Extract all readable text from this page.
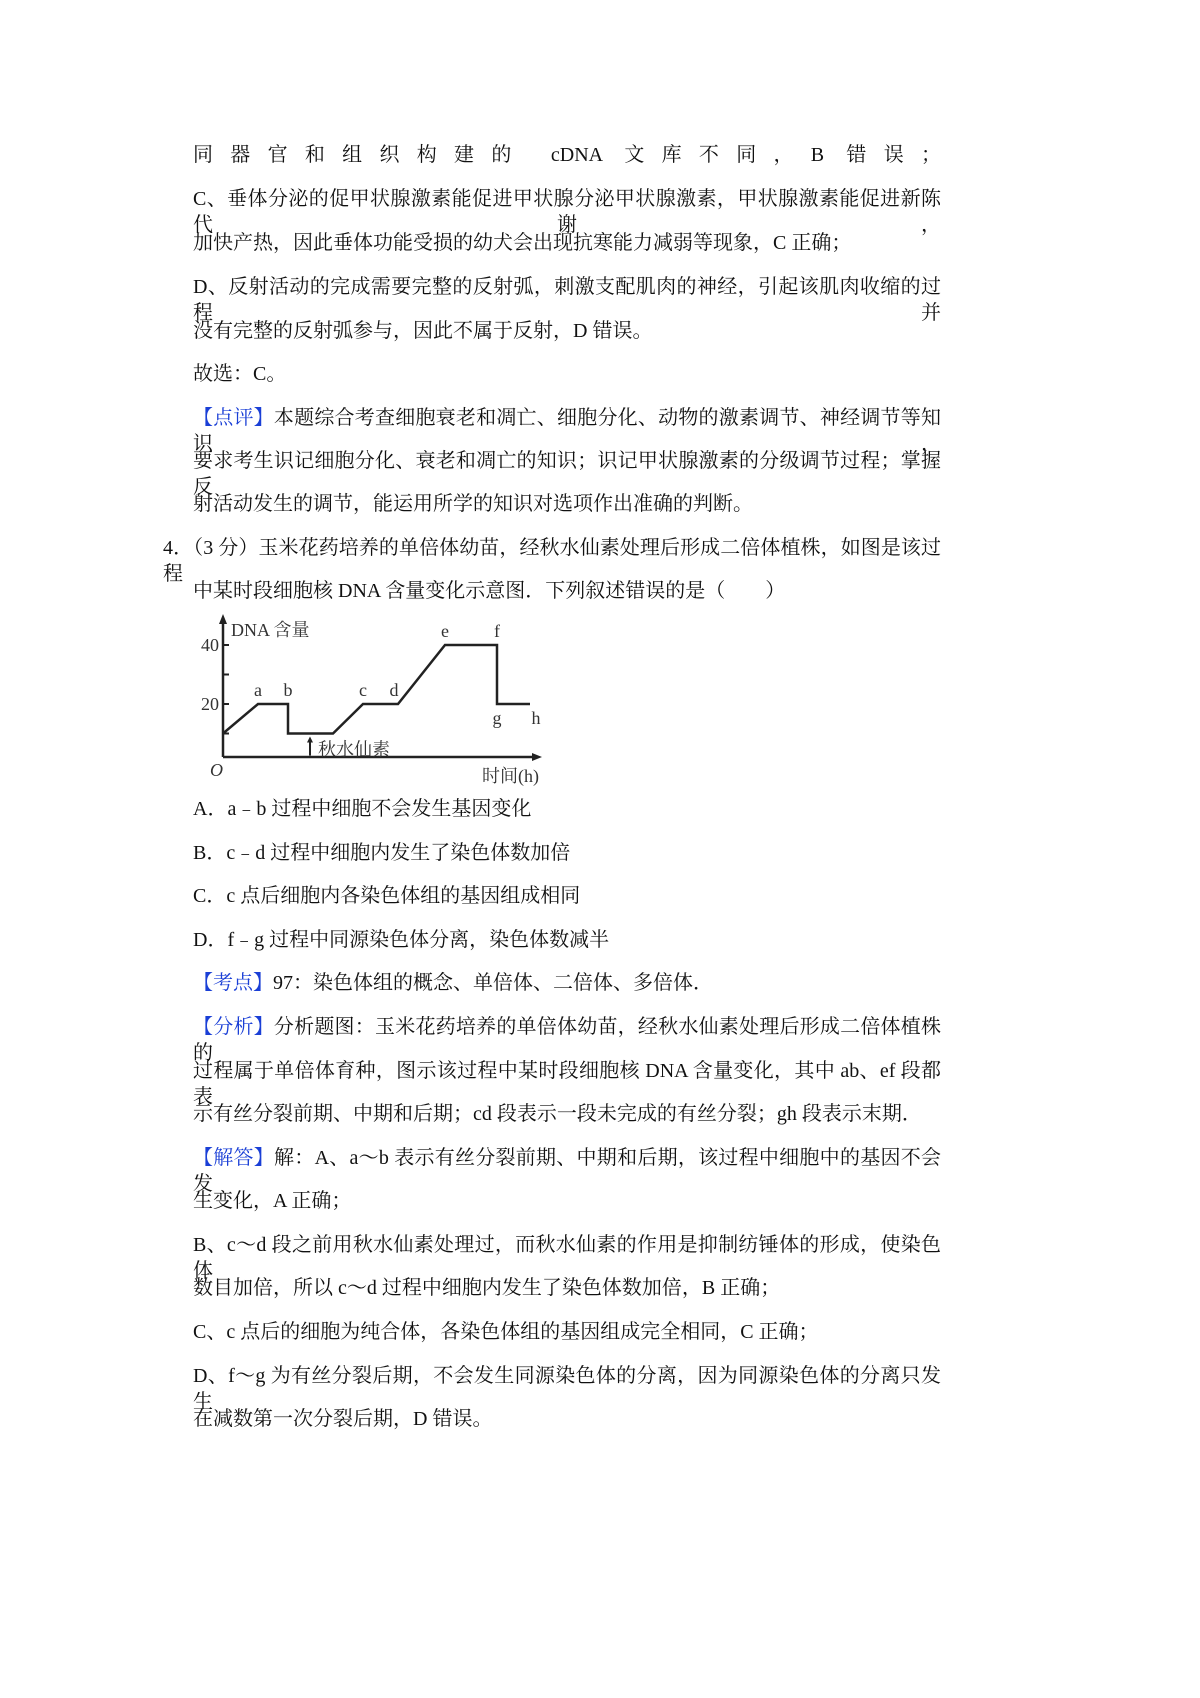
同器官和组织构建的 cDNA 文库不同，B 错误；
C、垂体分泌的促甲状腺激素能促进甲状腺分泌甲状腺激素，甲状腺激素能促进新陈代谢，
加快产热，因此垂体功能受损的幼犬会出现抗寒能力减弱等现象，C 正确；
D、反射活动的完成需要完整的反射弧，刺激支配肌肉的神经，引起该肌肉收缩的过程并
没有完整的反射弧参与，因此不属于反射，D 错误。
故选：C。
【点评】本题综合考查细胞衰老和凋亡、细胞分化、动物的激素调节、神经调节等知识，
要求考生识记细胞分化、衰老和凋亡的知识；识记甲状腺激素的分级调节过程；掌握反
射活动发生的调节，能运用所学的知识对选项作出准确的判断。
4．（3 分）玉米花药培养的单倍体幼苗，经秋水仙素处理后形成二倍体植株，如图是该过程
中某时段细胞核 DNA 含量变化示意图．下列叙述错误的是（　　）
DNA 含量
时间(h)
O
20
40
a b	c d
e	f
g h
秋水仙素
A．a﹣b 过程中细胞不会发生基因变化
B．c﹣d 过程中细胞内发生了染色体数加倍
C．c 点后细胞内各染色体组的基因组成相同
D．f﹣g 过程中同源染色体分离，染色体数减半
【考点】97：染色体组的概念、单倍体、二倍体、多倍体．
【分析】分析题图：玉米花药培养的单倍体幼苗，经秋水仙素处理后形成二倍体植株的
过程属于单倍体育种，图示该过程中某时段细胞核 DNA 含量变化，其中 ab、ef 段都表
示有丝分裂前期、中期和后期；cd 段表示一段未完成的有丝分裂；gh 段表示末期．
【解答】解：A、a～b 表示有丝分裂前期、中期和后期，该过程中细胞中的基因不会发
生变化，A 正确；
B、c～d 段之前用秋水仙素处理过，而秋水仙素的作用是抑制纺锤体的形成，使染色体
数目加倍，所以 c～d 过程中细胞内发生了染色体数加倍，B 正确；
C、c 点后的细胞为纯合体，各染色体组的基因组成完全相同，C 正确；
D、f～g 为有丝分裂后期，不会发生同源染色体的分离，因为同源染色体的分离只发生
在减数第一次分裂后期，D 错误。
